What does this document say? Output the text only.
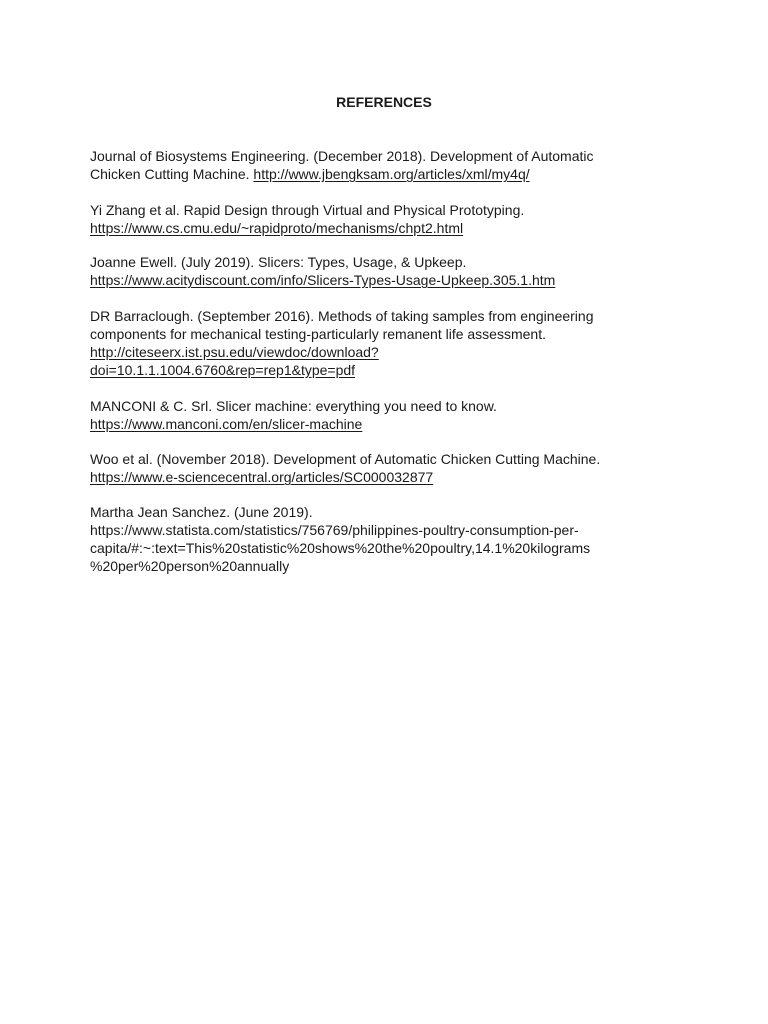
REFERENCES
Journal of Biosystems Engineering. (December 2018). Development of Automatic
Chicken Cutting Machine. http://www.jbengksam.org/articles/xml/my4q/
Yi Zhang et al. Rapid Design through Virtual and Physical Prototyping.
https://www.cs.cmu.edu/~rapidproto/mechanisms/chpt2.html
Joanne Ewell. (July 2019). Slicers: Types, Usage, & Upkeep.
https://www.acitydiscount.com/info/Slicers-Types-Usage-Upkeep.305.1.htm
DR Barraclough. (September 2016). Methods of taking samples from engineering
components for mechanical testing-particularly remanent life assessment.
http://citeseerx.ist.psu.edu/viewdoc/download?
doi=10.1.1.1004.6760&rep=rep1&type=pdf
MANCONI & C. Srl. Slicer machine: everything you need to know.
https://www.manconi.com/en/slicer-machine
Woo et al. (November 2018). Development of Automatic Chicken Cutting Machine.
https://www.e-sciencecentral.org/articles/SC000032877
Martha Jean Sanchez. (June 2019).
https://www.statista.com/statistics/756769/philippines-poultry-consumption-per-
capita/#:~:text=This%20statistic%20shows%20the%20poultry,14.1%20kilograms
%20per%20person%20annually
